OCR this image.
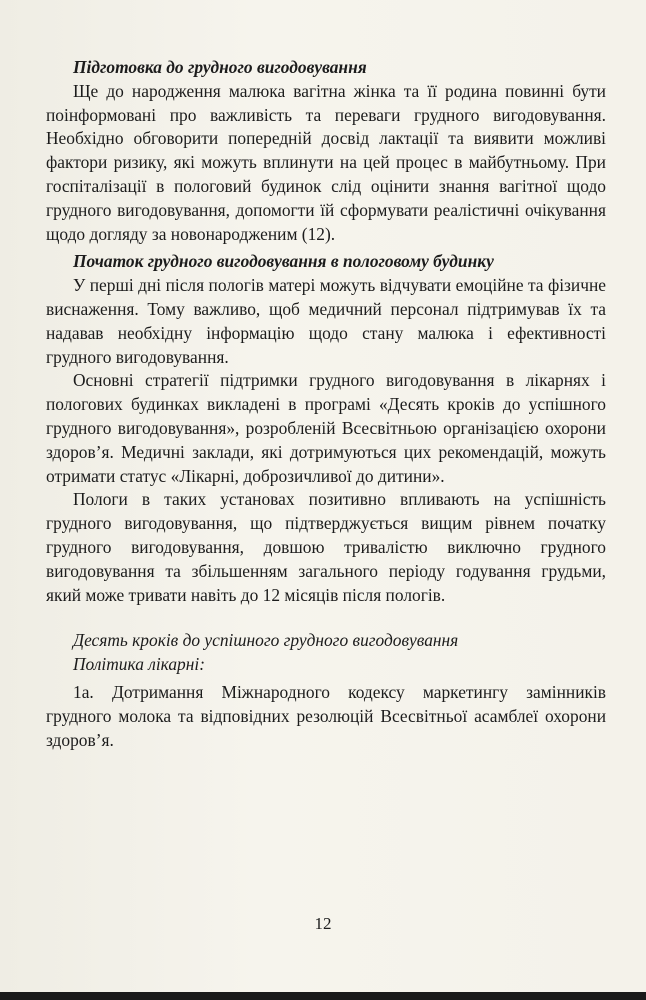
Підготовка до грудного вигодовування

Ще до народження малюка вагітна жінка та її родина повинні бути поінформовані про важливість та переваги грудного вигодовування. Необхідно обговорити попередній досвід лактації та виявити можливі фактори ризику, які можуть вплинути на цей процес в майбутньому. При госпіталізації в пологовий будинок слід оцінити знання вагітної щодо грудного вигодовування, допомогти їй сформувати реалістичні очікування щодо догляду за новонародженим (12).

Початок грудного вигодовування в пологовому будинку

У перші дні після пологів матері можуть відчувати емоційне та фізичне виснаження. Тому важливо, щоб медичний персонал підтримував їх та надавав необхідну інформацію щодо стану малюка і ефективності грудного вигодовування.

Основні стратегії підтримки грудного вигодовування в лікарнях і пологових будинках викладені в програмі «Десять кроків до успішного грудного вигодовування», розробленій Всесвітньою організацією охорони здоров’я. Медичні заклади, які дотримуються цих рекомендацій, можуть отримати статус «Лікарні, доброзичливої до дитини».

Пологи в таких установах позитивно впливають на успішність грудного вигодовування, що підтверджується вищим рівнем початку грудного вигодовування, довшою тривалістю виключно грудного вигодовування та збільшенням загального періоду годування грудьми, який може тривати навіть до 12 місяців після пологів.

Десять кроків до успішного грудного вигодовування

Політика лікарні:

1а. Дотримання Міжнародного кодексу маркетингу замінників грудного молока та відповідних резолюцій Всесвітньої асамблеї охорони здоров’я.

12
